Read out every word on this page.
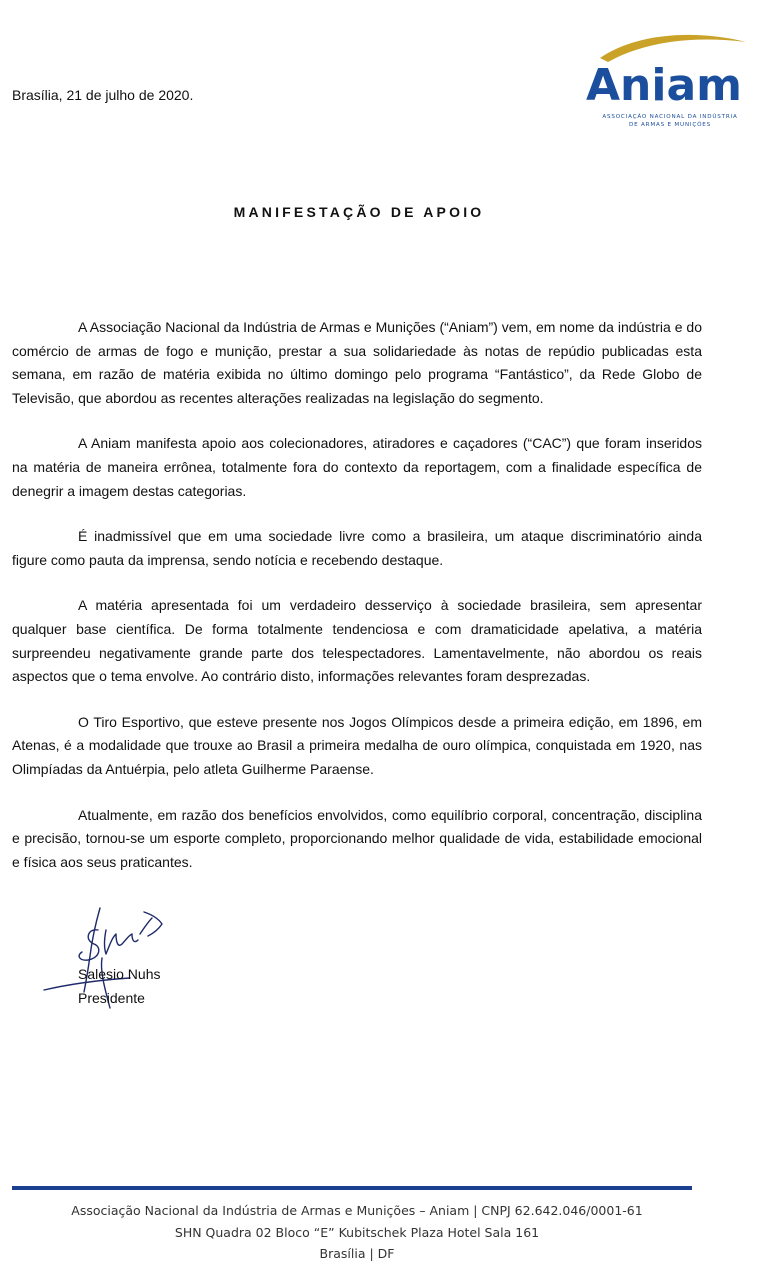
Brasília, 21 de julho de 2020.	Aniam
ASSOCIAÇÃO NACIONAL DA INDÚSTRIA
DE ARMAS E MUNIÇÕES
MANIFESTAÇÃO DE APOIO

A Associação Nacional da Indústria de Armas e Munições (“Aniam”) vem, em nome da indústria e do comércio de armas de fogo e munição, prestar a sua solidariedade às notas de repúdio publicadas esta semana, em razão de matéria exibida no último domingo pelo programa “Fantástico”, da Rede Globo de Televisão, que abordou as recentes alterações realizadas na legislação do segmento.

A Aniam manifesta apoio aos colecionadores, atiradores e caçadores (“CAC”) que foram inseridos na matéria de maneira errônea, totalmente fora do contexto da reportagem, com a finalidade específica de denegrir a imagem destas categorias.

É inadmissível que em uma sociedade livre como a brasileira, um ataque discriminatório ainda figure como pauta da imprensa, sendo notícia e recebendo destaque.

A matéria apresentada foi um verdadeiro desserviço à sociedade brasileira, sem apresentar qualquer base científica. De forma totalmente tendenciosa e com dramaticidade apelativa, a matéria surpreendeu negativamente grande parte dos telespectadores. Lamentavelmente, não abordou os reais aspectos que o tema envolve. Ao contrário disto, informações relevantes foram desprezadas.

O Tiro Esportivo, que esteve presente nos Jogos Olímpicos desde a primeira edição, em 1896, em Atenas, é a modalidade que trouxe ao Brasil a primeira medalha de ouro olímpica, conquistada em 1920, nas Olimpíadas da Antuérpia, pelo atleta Guilherme Paraense.

Atualmente, em razão dos benefícios envolvidos, como equilíbrio corporal, concentração, disciplina e precisão, tornou-se um esporte completo, proporcionando melhor qualidade de vida, estabilidade emocional e física aos seus praticantes.

Salesio Nuhs
Presidente
Associação Nacional da Indústria de Armas e Munições – Aniam | CNPJ 62.642.046/0001-61
SHN Quadra 02 Bloco “E” Kubitschek Plaza Hotel Sala 161
Brasília | DF
